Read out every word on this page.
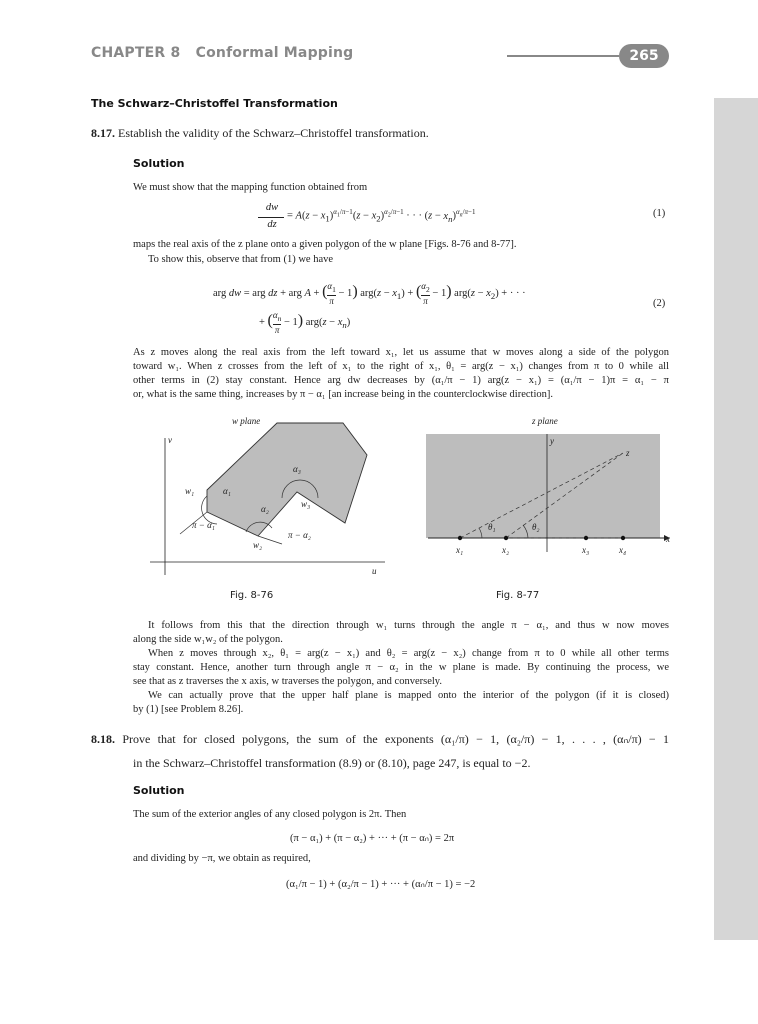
CHAPTER 8   Conformal Mapping	265
The Schwarz–Christoffel Transformation
8.17. Establish the validity of the Schwarz–Christoffel transformation.
Solution
We must show that the mapping function obtained from
dw
dz
= $A(z - x_1)^{\alpha_1/\pi-1}(z - x_2)^{\alpha_2/\pi-1}$ · · · $(z - x_n)^{\alpha_n/\pi-1}$	(1)
maps the real axis of the z plane onto a given polygon of the w plane [Figs. 8-76 and 8-77].
To show this, observe that from (1) we have
arg dw = arg dz + arg $A + (\alpha_1$

π
− 1) $arg(z - x_1) + (\alpha_2$

π
− 1) $arg(z - x_2)$ + · · ·
+ $(\frac{\alpha_n}{\pi} - 1) arg(z - x_n)$
(2)
As z moves along the real axis from the left toward x₁, let us assume that w moves along a side of the polygon
toward w₁. When z crosses from the left of x₁ to the right of x₁, θ₁ = arg(z − x₁) changes from π to 0 while all
other terms in (2) stay constant. Hence arg dw decreases by (α₁/π − 1) arg(z − x₁) = (α₁/π − 1)π = α₁ − π
or, what is the same thing, increases by π − α₁ [an increase being in the counterclockwise direction].
w plane
v
u
w₁
w₂
w₃
α₁
α₂
α₃
π − α₁
π − α₂
Fig. 8-76
z plane
y
x
z
x₁	x₂	x₃	x₄
θ₁	θ₂
Fig. 8-77
It follows from this that the direction through w₁ turns through the angle π − α₁, and thus w now moves
along the side w₁w₂ of the polygon.
When z moves through x₂, θ₁ = arg(z − x₁) and θ₂ = arg(z − x₂) change from π to 0 while all other terms
stay constant. Hence, another turn through angle π − α₂ in the w plane is made. By continuing the process, we
see that as z traverses the x axis, w traverses the polygon, and conversely.
We can actually prove that the upper half plane is mapped onto the interior of the polygon (if it is closed)
by (1) [see Problem 8.26].
8.18. Prove that for closed polygons, the sum of the exponents (α₁/π) − 1, (α₂/π) − 1, . . . , (αₙ/π) − 1
in the Schwarz–Christoffel transformation (8.9) or (8.10), page 247, is equal to −2.
Solution
The sum of the exterior angles of any closed polygon is 2π. Then
(π − α₁) + (π − α₂) + ··· + (π − αₙ) = 2π
and dividing by −π, we obtain as required,
(α₁/π − 1) + (α₂/π − 1) + ··· + (αₙ/π − 1) = −2
